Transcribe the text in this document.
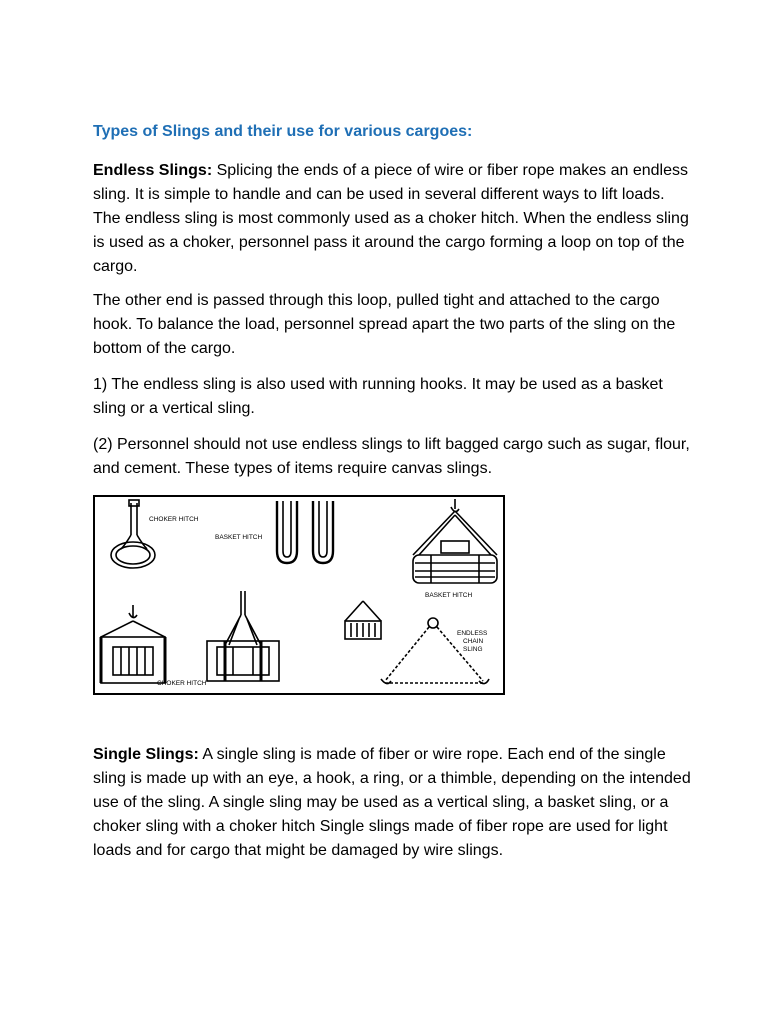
Types of Slings and their use for various cargoes:
Endless Slings: Splicing the ends of a piece of wire or fiber rope makes an endless sling. It is simple to handle and can be used in several different ways to lift loads. The endless sling is most commonly used as a choker hitch. When the endless sling is used as a choker, personnel pass it around the cargo forming a loop on top of the cargo.
The other end is passed through this loop, pulled tight and attached to the cargo hook. To balance the load, personnel spread apart the two parts of the sling on the bottom of the cargo.
1) The endless sling is also used with running hooks. It may be used as a basket sling or a vertical sling.
(2) Personnel should not use endless slings to lift bagged cargo such as sugar, flour, and cement. These types of items require canvas slings.
CHOKER HITCH
BASKET HITCH
BASKET HITCH
CHOKER HITCH
ENDLESS
CHAIN
SLING
Single Slings: A single sling is made of fiber or wire rope. Each end of the single sling is made up with an eye, a hook, a ring, or a thimble, depending on the intended use of the sling. A single sling may be used as a vertical sling, a basket sling, or a choker sling with a choker hitch Single slings made of fiber rope are used for light loads and for cargo that might be damaged by wire slings.
